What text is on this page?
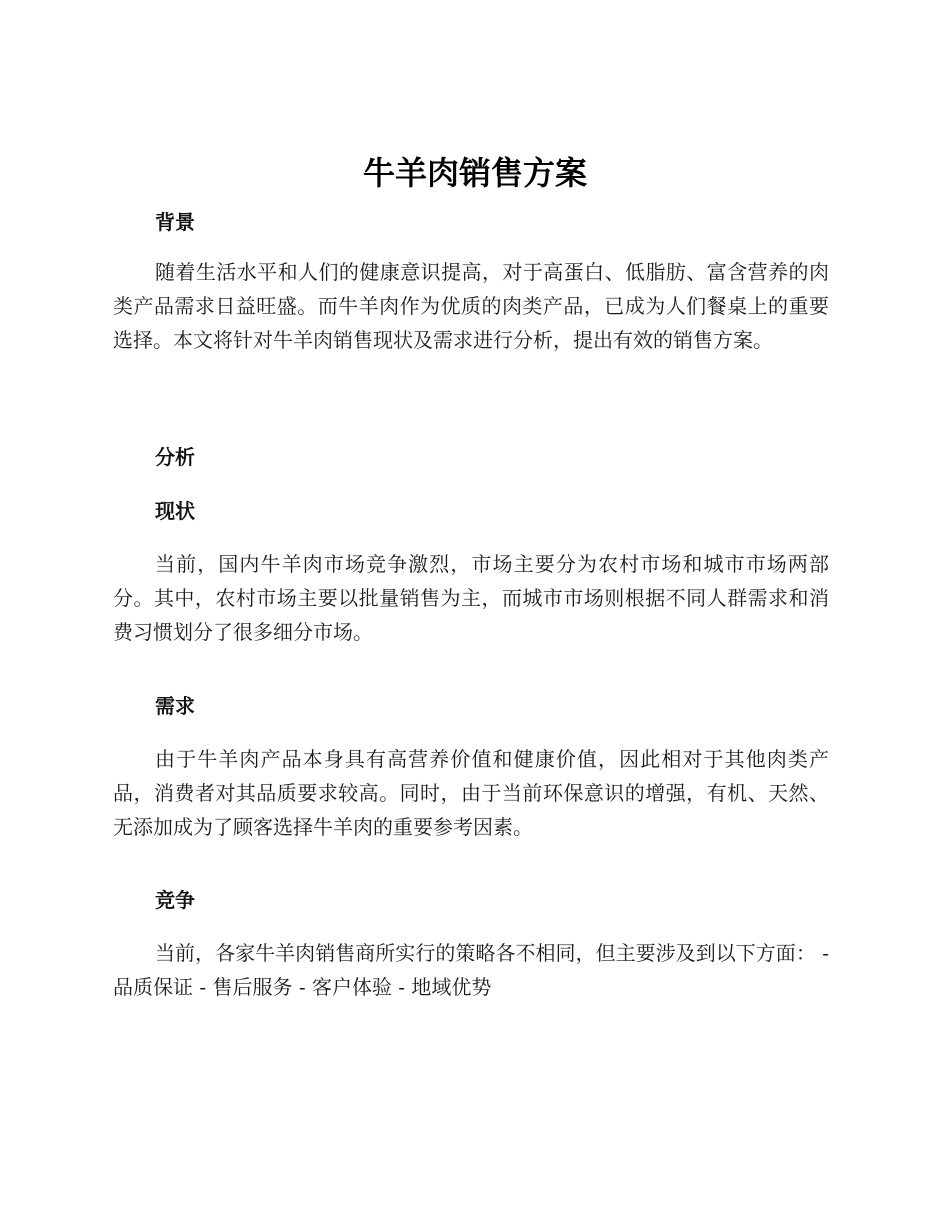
牛羊肉销售方案
背景

随着生活水平和人们的健康意识提高，对于高蛋白、低脂肪、富含营养的肉类产品需求日益旺盛。而牛羊肉作为优质的肉类产品，已成为人们餐桌上的重要选择。本文将针对牛羊肉销售现状及需求进行分析，提出有效的销售方案。

分析
现状

当前，国内牛羊肉市场竞争激烈，市场主要分为农村市场和城市市场两部分。其中，农村市场主要以批量销售为主，而城市市场则根据不同人群需求和消费习惯划分了很多细分市场。

需求

由于牛羊肉产品本身具有高营养价值和健康价值，因此相对于其他肉类产品，消费者对其品质要求较高。同时，由于当前环保意识的增强，有机、天然、无添加成为了顾客选择牛羊肉的重要参考因素。

竞争

当前，各家牛羊肉销售商所实行的策略各不相同，但主要涉及到以下方面： - 品质保证 - 售后服务 - 客户体验 - 地域优势
